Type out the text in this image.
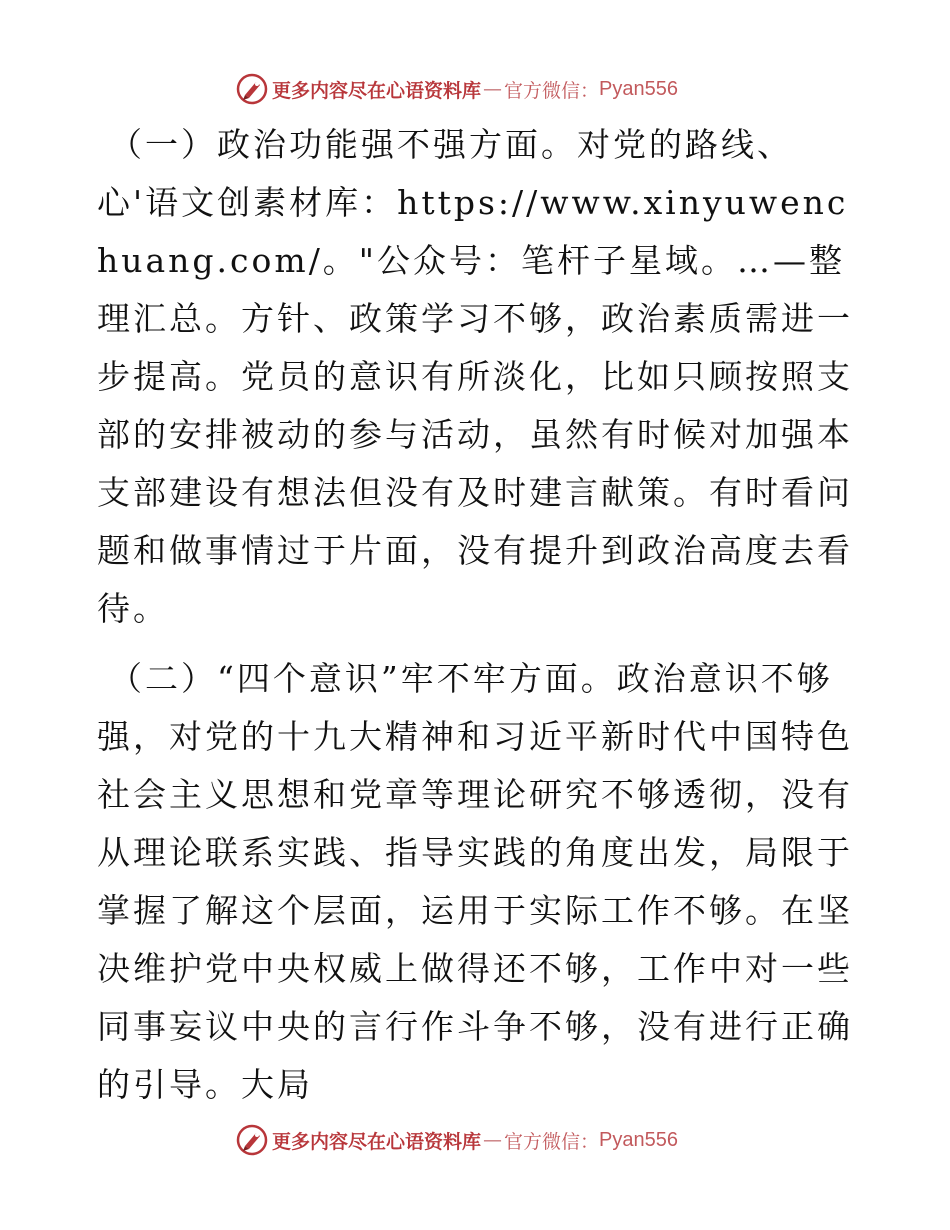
更多内容尽在心语资料库 — 官方微信： Pyan556

（一）政治功能强不强方面。对党的路线、心'语文创素材库：https://www.xinyuwenchuang.com/。"公众号：笔杆子星域。…—整理汇总。方针、政策学习不够，政治素质需进一步提高。党员的意识有所淡化，比如只顾按照支部的安排被动的参与活动，虽然有时候对加强本支部建设有想法但没有及时建言献策。有时看问题和做事情过于片面，没有提升到政治高度去看待。

（二）“四个意识”牢不牢方面。政治意识不够强，对党的十九大精神和习近平新时代中国特色社会主义思想和党章等理论研究不够透彻，没有从理论联系实践、指导实践的角度出发，局限于掌握了解这个层面，运用于实际工作不够。在坚决维护党中央权威上做得还不够，工作中对一些同事妄议中央的言行作斗争不够，没有进行正确的引导。大局

更多内容尽在心语资料库 — 官方微信： Pyan556
